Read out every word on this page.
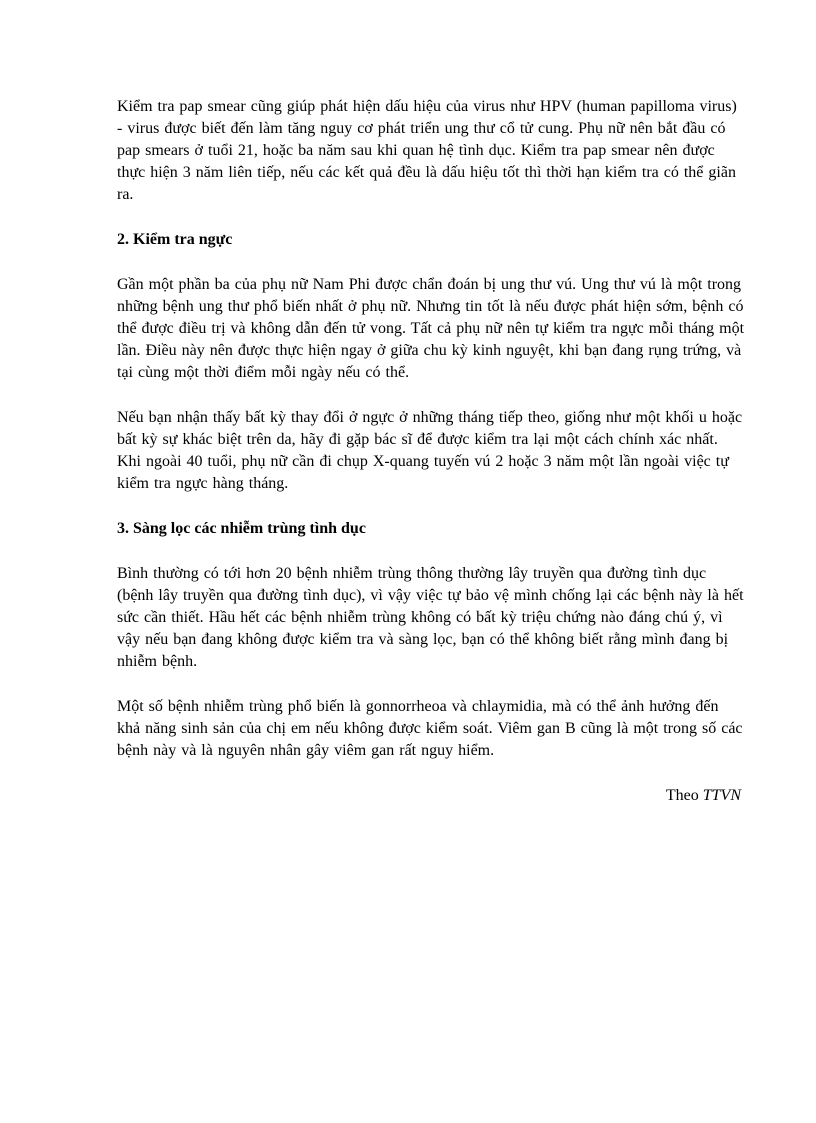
Kiểm tra pap smear cũng giúp phát hiện dấu hiệu của virus như HPV (human papilloma virus) - virus được biết đến làm tăng nguy cơ phát triển ung thư cổ tử cung. Phụ nữ nên bắt đầu có pap smears ở tuổi 21, hoặc ba năm sau khi quan hệ tình dục. Kiểm tra pap smear nên được thực hiện 3 năm liên tiếp, nếu các kết quả đều là dấu hiệu tốt thì thời hạn kiểm tra có thể giãn ra.

2. Kiểm tra ngực

Gần một phần ba của phụ nữ Nam Phi được chẩn đoán bị ung thư vú. Ung thư vú là một trong những bệnh ung thư phổ biến nhất ở phụ nữ. Nhưng tin tốt là nếu được phát hiện sớm, bệnh có thể được điều trị và không dẫn đến tử vong. Tất cả phụ nữ nên tự kiểm tra ngực mỗi tháng một lần. Điều này nên được thực hiện ngay ở giữa chu kỳ kinh nguyệt, khi bạn đang rụng trứng, và tại cùng một thời điểm mỗi ngày nếu có thể.

Nếu bạn nhận thấy bất kỳ thay đổi ở ngực ở những tháng tiếp theo, giống như một khối u hoặc bất kỳ sự khác biệt trên da, hãy đi gặp bác sĩ để được kiểm tra lại một cách chính xác nhất. Khi ngoài 40 tuổi, phụ nữ cần đi chụp X-quang tuyến vú 2 hoặc 3 năm một lần ngoài việc tự kiểm tra ngực hàng tháng.

3. Sàng lọc các nhiễm trùng tình dục

Bình thường có tới hơn 20 bệnh nhiễm trùng thông thường lây truyền qua đường tình dục (bệnh lây truyền qua đường tình dục), vì vậy việc tự bảo vệ mình chống lại các bệnh này là hết sức cần thiết. Hầu hết các bệnh nhiễm trùng không có bất kỳ triệu chứng nào đáng chú ý, vì vậy nếu bạn đang không được kiểm tra và sàng lọc, bạn có thể không biết rằng mình đang bị nhiễm bệnh.

Một số bệnh nhiễm trùng phổ biến là gonnorrheoa và chlaymidia, mà có thể ảnh hưởng đến khả năng sinh sản của chị em nếu không được kiểm soát. Viêm gan B cũng là một trong số các bệnh này và là nguyên nhân gây viêm gan rất nguy hiểm.

Theo TTVN
